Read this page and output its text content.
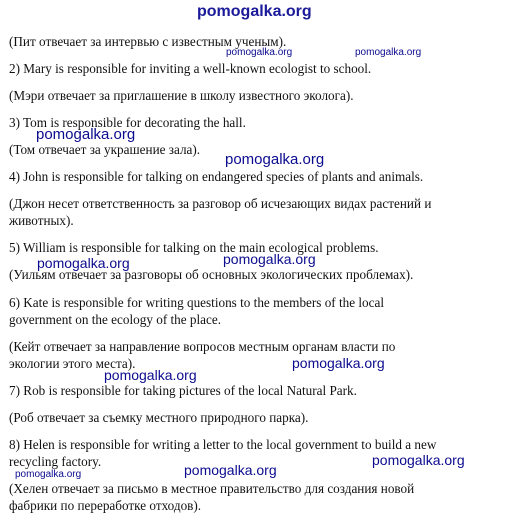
(Пит отвечает за интервью с известным ученым).
2) Mary is responsible for inviting a well-known ecologist to school.
(Мэри отвечает за приглашение в школу известного эколога).
3) Tom is responsible for decorating the hall.
(Том отвечает за украшение зала).
4) John is responsible for talking on endangered species of plants and animals.
(Джон несет ответственность за разговор об исчезающих видах растений и
животных).
5) William is responsible for talking on the main ecological problems.
(Уильям отвечает за разговоры об основных экологических проблемах).
6) Kate is responsible for writing questions to the members of the local
government on the ecology of the place.
(Кейт отвечает за направление вопросов местным органам власти по
экологии этого места).
7) Rob is responsible for taking pictures of the local Natural Park.
(Роб отвечает за съемку местного природного парка).
8) Helen is responsible for writing a letter to the local government to build a new
recycling factory.
(Хелен отвечает за письмо в местное правительство для создания новой
фабрики по переработке отходов).
pomogalka.org
pomogalka.org	pomogalka.org
pomogalka.org
pomogalka.org
pomogalka.org	pomogalka.org
pomogalka.org
pomogalka.org
pomogalka.org
pomogalka.org
pomogalka.org
